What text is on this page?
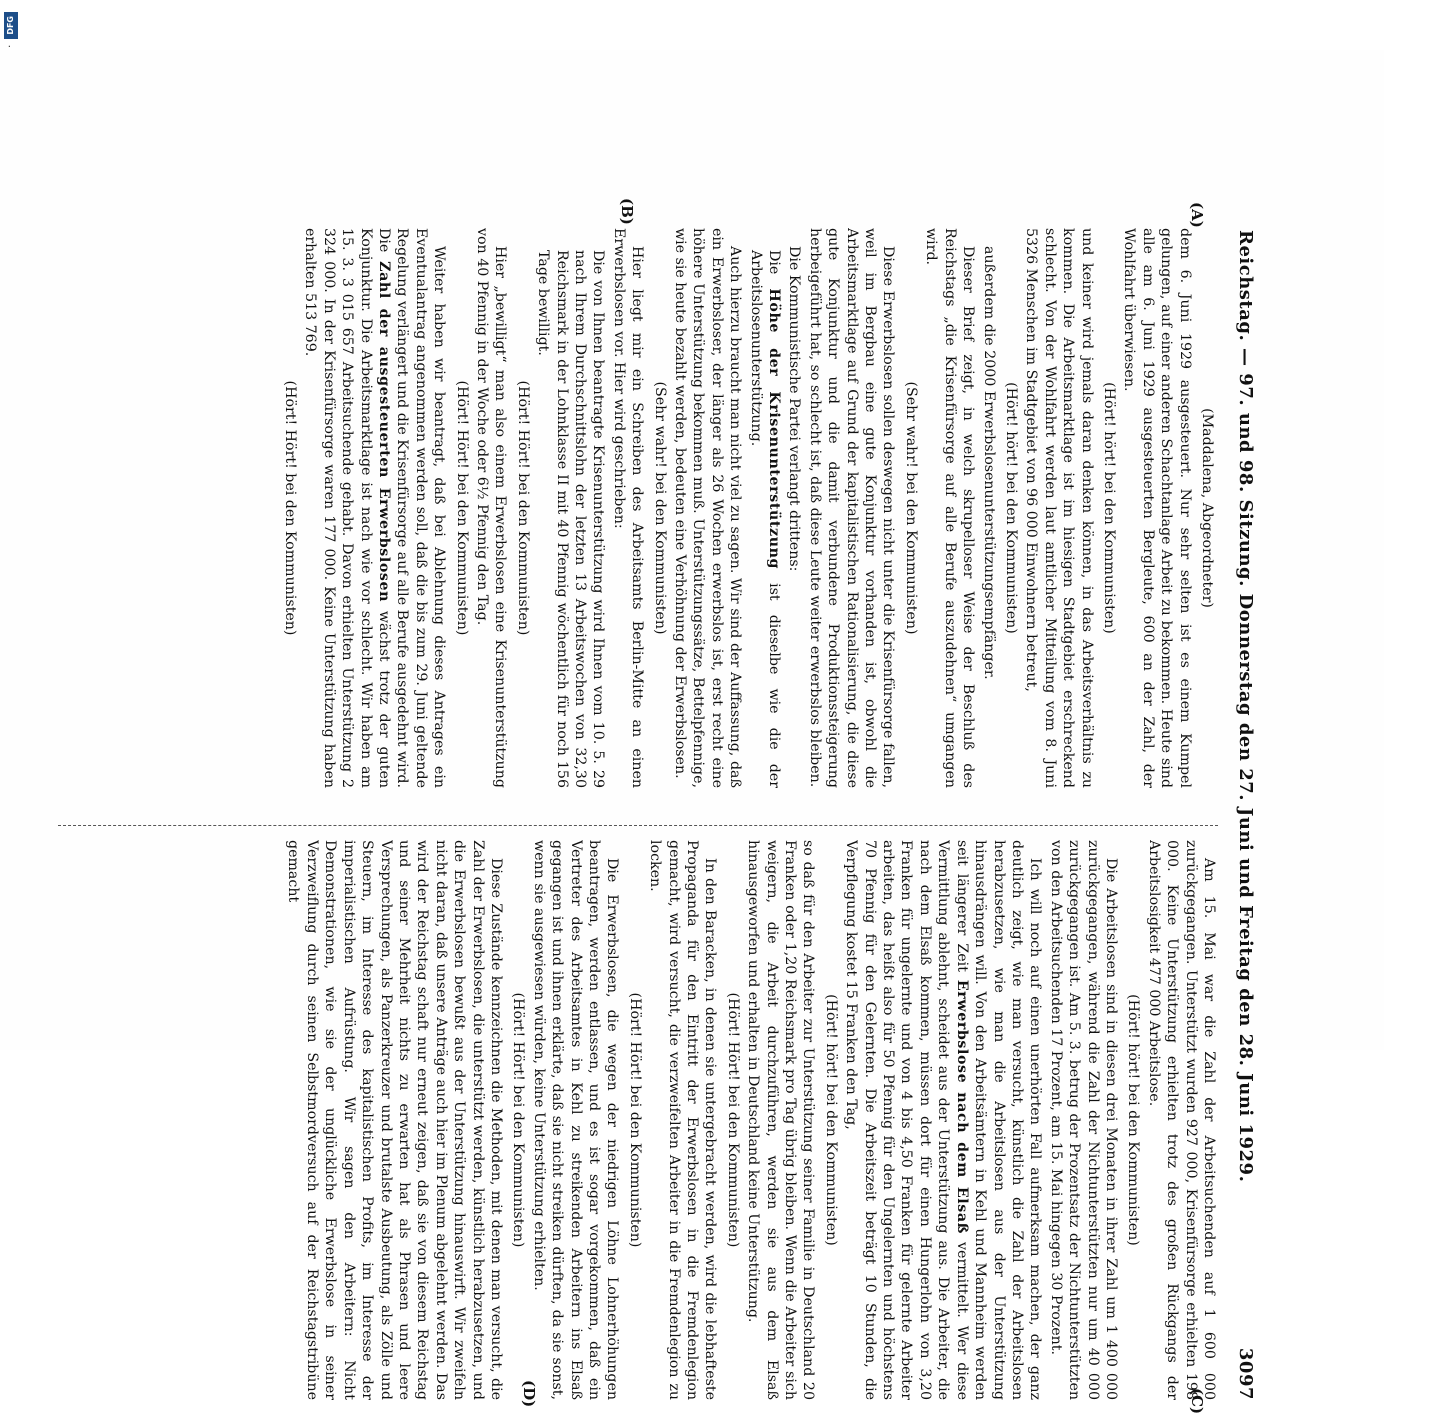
·
DFG
Reichstag. — 97. und 98. Sitzung. Donnerstag den 27. Juni und Freitag den 28. Juni 1929.
3097
(A)
(B)
(C)
(D)

(Maddalena, Abgeordneter)

dem 6. Juni 1929 ausgesteuert. Nur sehr selten ist es einem Kumpel gelungen, auf einer anderen Schachtanlage Arbeit zu bekommen. Heute sind alle am 6. Juni 1929 ausgesteuerten Bergleute, 600 an der Zahl, der Wohlfahrt überwiesen.

(Hört! hört! bei den Kommunisten)

und keiner wird jemals daran denken können, in das Arbeitsverhältnis zu kommen. Die Arbeitsmarktlage ist im hiesigen Stadtgebiet erschreckend schlecht. Von der Wohlfahrt werden laut amtlicher Mitteilung vom 8. Juni 5326 Menschen im Stadtgebiet von 96 000 Einwohnern betreut,

(Hört! hört! bei den Kommunisten)

außerdem die 2000 Erwerbslosenunterstützungsempfänger.

Dieser Brief zeigt, in welch skrupelloser Weise der Beschluß des Reichstags „die Krisenfürsorge auf alle Berufe auszudehnen“ umgangen wird.

(Sehr wahr! bei den Kommunisten)

Diese Erwerbslosen sollen deswegen nicht unter die Krisenfürsorge fallen, weil im Bergbau eine gute Konjunktur vorhanden ist, obwohl die Arbeitsmarktlage auf Grund der kapitalistischen Rationalisierung, die diese gute Konjunktur und die damit verbundene Produktionssteigerung herbeigeführt hat, so schlecht ist, daß diese Leute weiter erwerbslos bleiben.

Die Kommunistische Partei verlangt drittens:

Die Höhe der Krisenunterstützung ist dieselbe wie die der Arbeitslosenunterstützung.

Auch hierzu braucht man nicht viel zu sagen. Wir sind der Auffassung, daß ein Erwerbsloser, der länger als 26 Wochen erwerbslos ist, erst recht eine höhere Unterstützung bekommen muß. Unterstützungssätze, Bettelpfennige, wie sie heute bezahlt werden, bedeuten eine Verhöhnung der Erwerbslosen.

(Sehr wahr! bei den Kommunisten)

Hier liegt mir ein Schreiben des Arbeitsamts Berlin-Mitte an einen Erwerbslosen vor. Hier wird geschrieben:

Die von Ihnen beantragte Krisenunterstützung wird Ihnen vom 10. 5. 29 nach Ihrem Durchschnittslohn der letzten 13 Arbeitswochen von 32,30 Reichsmark in der Lohnklasse II mit 40 Pfennig wöchentlich für noch 156 Tage bewilligt.

(Hört! Hört! bei den Kommunisten)

Hier „bewilligt“ man also einem Erwerbslosen eine Krisenunterstützung von 40 Pfennig in der Woche oder 6½ Pfennig den Tag.

(Hört! Hört! bei den Kommunisten)

Weiter haben wir beantragt, daß bei Ablehnung dieses Antrages ein Eventualantrag angenommen werden soll, daß die bis zum 29. Juni geltende Regelung verlängert und die Krisenfürsorge auf alle Berufe ausgedehnt wird. Die Zahl der ausgesteuerten Erwerbslosen wächst trotz der guten Konjunktur. Die Arbeitsmarktlage ist nach wie vor schlecht. Wir haben am 15. 3. 3 015 657 Arbeitsuchende gehabt. Davon erhielten Unterstützung 2 324 000. In der Krisenfürsorge waren 177 000. Keine Unterstützung haben erhalten 513 769.

(Hört! Hört! bei den Kommunisten)

Am 15. Mai war die Zahl der Arbeitsuchenden auf 1 600 000 zurückgegangen. Unterstützt wurden 927 000, Krisenfürsorge erhielten 198 000. Keine Unterstützung erhielten trotz des großen Rückgangs der Arbeitslosigkeit 477 000 Arbeitslose.

(Hört! hört! bei den Kommunisten)

Die Arbeitslosen sind in diesen drei Monaten in ihrer Zahl um 1 400 000 zurückgegangen, während die Zahl der Nichtunterstützten nur um 40 000 zurückgegangen ist. Am 5. 3. betrug der Prozentsatz der Nichtunterstützten von den Arbeitsuchenden 17 Prozent, am 15. Mai hingegen 30 Prozent.

Ich will noch auf einen unerhörten Fall aufmerksam machen, der ganz deutlich zeigt, wie man versucht, künstlich die Zahl der Arbeitslosen herabzusetzen, wie man die Arbeitslosen aus der Unterstützung hinausdrängen will. Von den Arbeitsämtern in Kehl und Mannheim werden seit längerer Zeit Erwerbslose nach dem Elsaß vermittelt. Wer diese Vermittlung ablehnt, scheidet aus der Unterstützung aus. Die Arbeiter, die nach dem Elsaß kommen, müssen dort für einen Hungerlohn von 3,20 Franken für ungelernte und von 4 bis 4,50 Franken für gelernte Arbeiter arbeiten, das heißt also für 50 Pfennig für den Ungelernten und höchstens 70 Pfennig für den Gelernten. Die Arbeitszeit beträgt 10 Stunden, die Verpflegung kostet 15 Franken den Tag,

(Hört! hört! bei den Kommunisten)

so daß für den Arbeiter zur Unterstützung seiner Familie in Deutschland 20 Franken oder 1,20 Reichsmark pro Tag übrig bleiben. Wenn die Arbeiter sich weigern, die Arbeit durchzuführen, werden sie aus dem Elsaß hinausgeworfen und erhalten in Deutschland keine Unterstützung.

(Hört! Hört! bei den Kommunisten)

In den Baracken, in denen sie untergebracht werden, wird die lebhafteste Propaganda für den Eintritt der Erwerbslosen in die Fremdenlegion gemacht, wird versucht, die verzweifelten Arbeiter in die Fremdenlegion zu locken.

(Hört! Hört! bei den Kommunisten)

Die Erwerbslosen, die wegen der niedrigen Löhne Lohnerhöhungen beantragen, werden entlassen, und es ist sogar vorgekommen, daß ein Vertreter des Arbeitsamtes in Kehl zu streikenden Arbeitern ins Elsaß gegangen ist und ihnen erklärte, daß sie nicht streiken dürften, da sie sonst, wenn sie ausgewiesen würden, keine Unterstützung erhielten.

(Hört! Hört! bei den Kommunisten)

Diese Zustände kennzeichnen die Methoden, mit denen man versucht, die Zahl der Erwerbslosen, die unterstützt werden, künstlich herabzusetzen, und die Erwerbslosen bewußt aus der Unterstützung hinauswirft. Wir zweifeln nicht daran, daß unsere Anträge auch hier im Plenum abgelehnt werden. Das wird der Reichstag schaft nur erneut zeigen, daß sie von diesem Reichstag und seiner Mehrheit nichts zu erwarten hat als Phrasen und leere Versprechungen, als Panzerkreuzer und brutalste Ausbeutung, als Zölle und Steuern, im Interesse des kapitalistischen Profits, im Interesse der imperialistischen Aufrüstung. Wir sagen den Arbeitern: Nicht Demonstrationen, wie sie der unglückliche Erwerbslose in seiner Verzweiflung durch seinen Selbstmordversuch auf der Reichstagstribüne gemacht
